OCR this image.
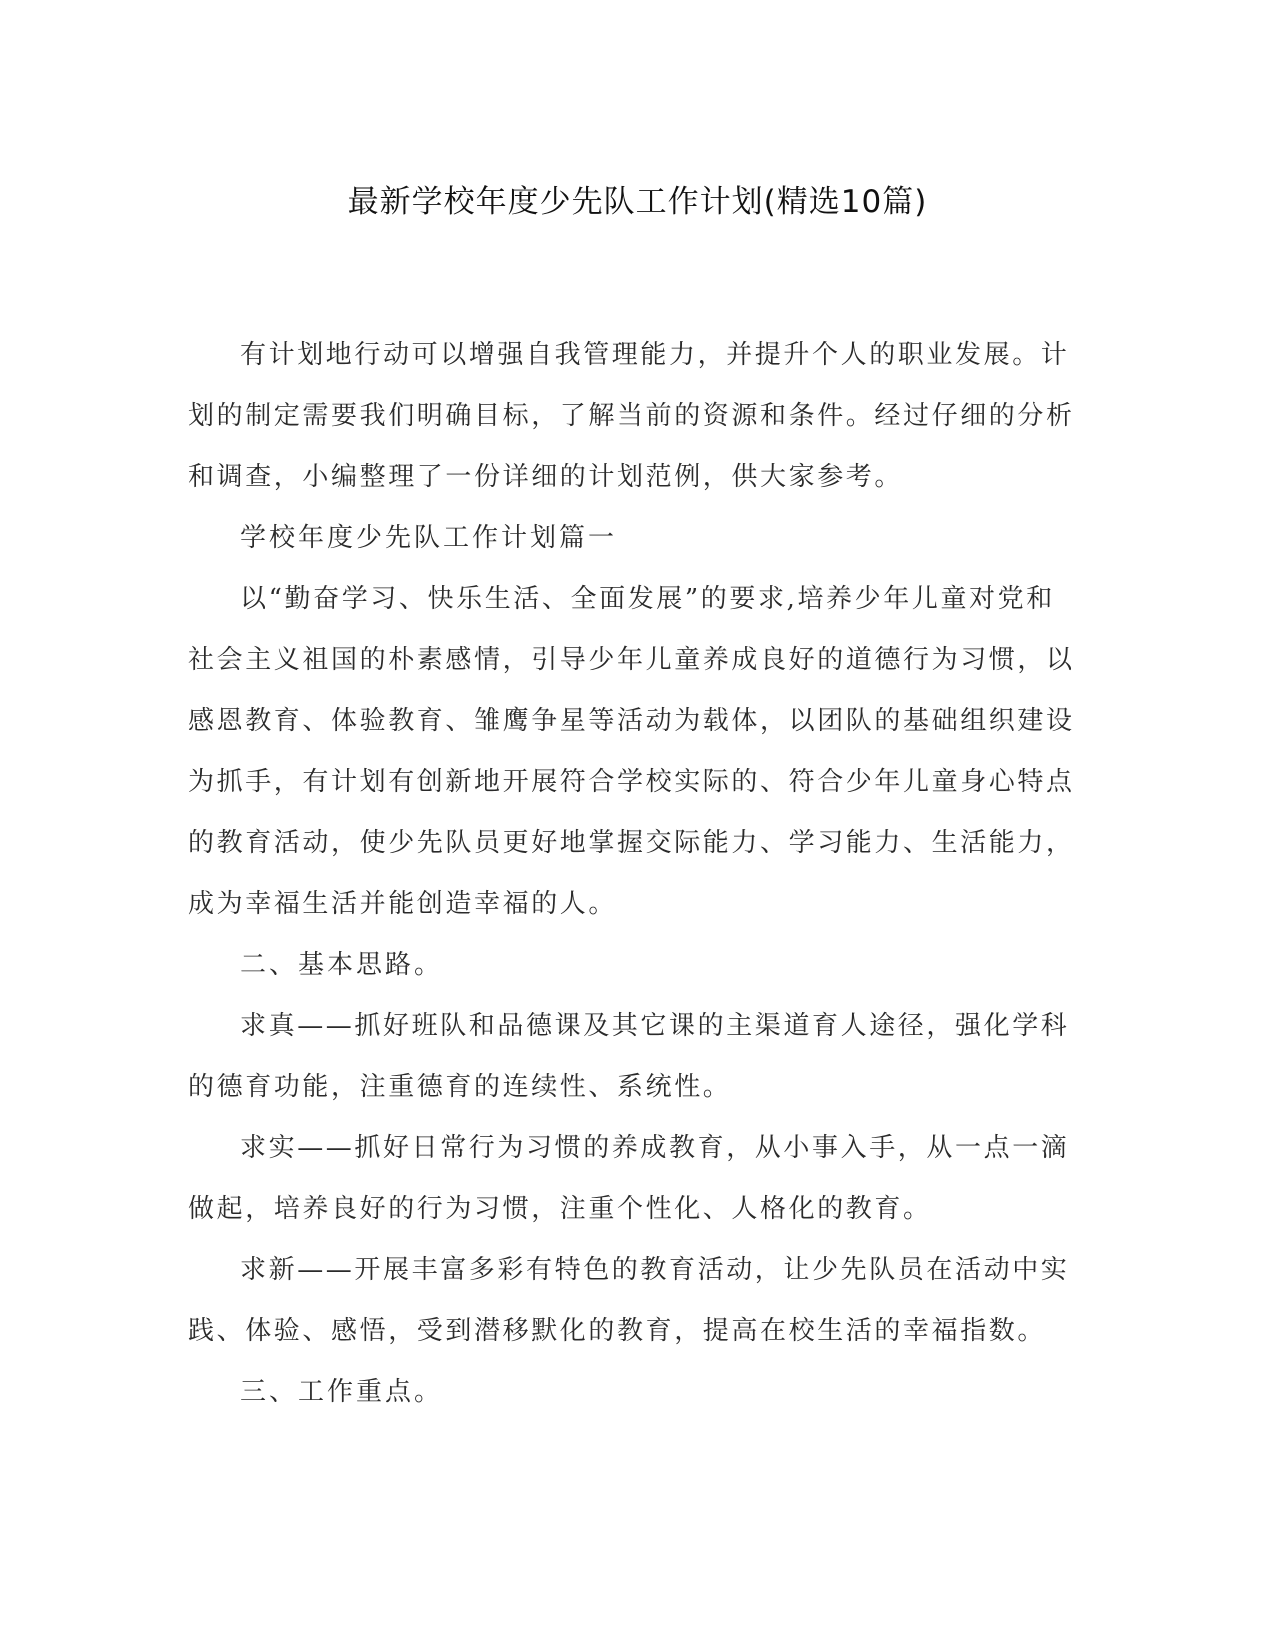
最新学校年度少先队工作计划(精选10篇)

有计划地行动可以增强自我管理能力，并提升个人的职业发展。计划的制定需要我们明确目标，了解当前的资源和条件。经过仔细的分析和调查，小编整理了一份详细的计划范例，供大家参考。

学校年度少先队工作计划篇一

以“勤奋学习、快乐生活、全面发展”的要求,培养少年儿童对党和社会主义祖国的朴素感情，引导少年儿童养成良好的道德行为习惯，以感恩教育、体验教育、雏鹰争星等活动为载体，以团队的基础组织建设为抓手，有计划有创新地开展符合学校实际的、符合少年儿童身心特点的教育活动，使少先队员更好地掌握交际能力、学习能力、生活能力，成为幸福生活并能创造幸福的人。

二、基本思路。

求真——抓好班队和品德课及其它课的主渠道育人途径，强化学科的德育功能，注重德育的连续性、系统性。

求实——抓好日常行为习惯的养成教育，从小事入手，从一点一滴做起，培养良好的行为习惯，注重个性化、人格化的教育。

求新——开展丰富多彩有特色的教育活动，让少先队员在活动中实践、体验、感悟，受到潜移默化的教育，提高在校生活的幸福指数。

三、工作重点。
